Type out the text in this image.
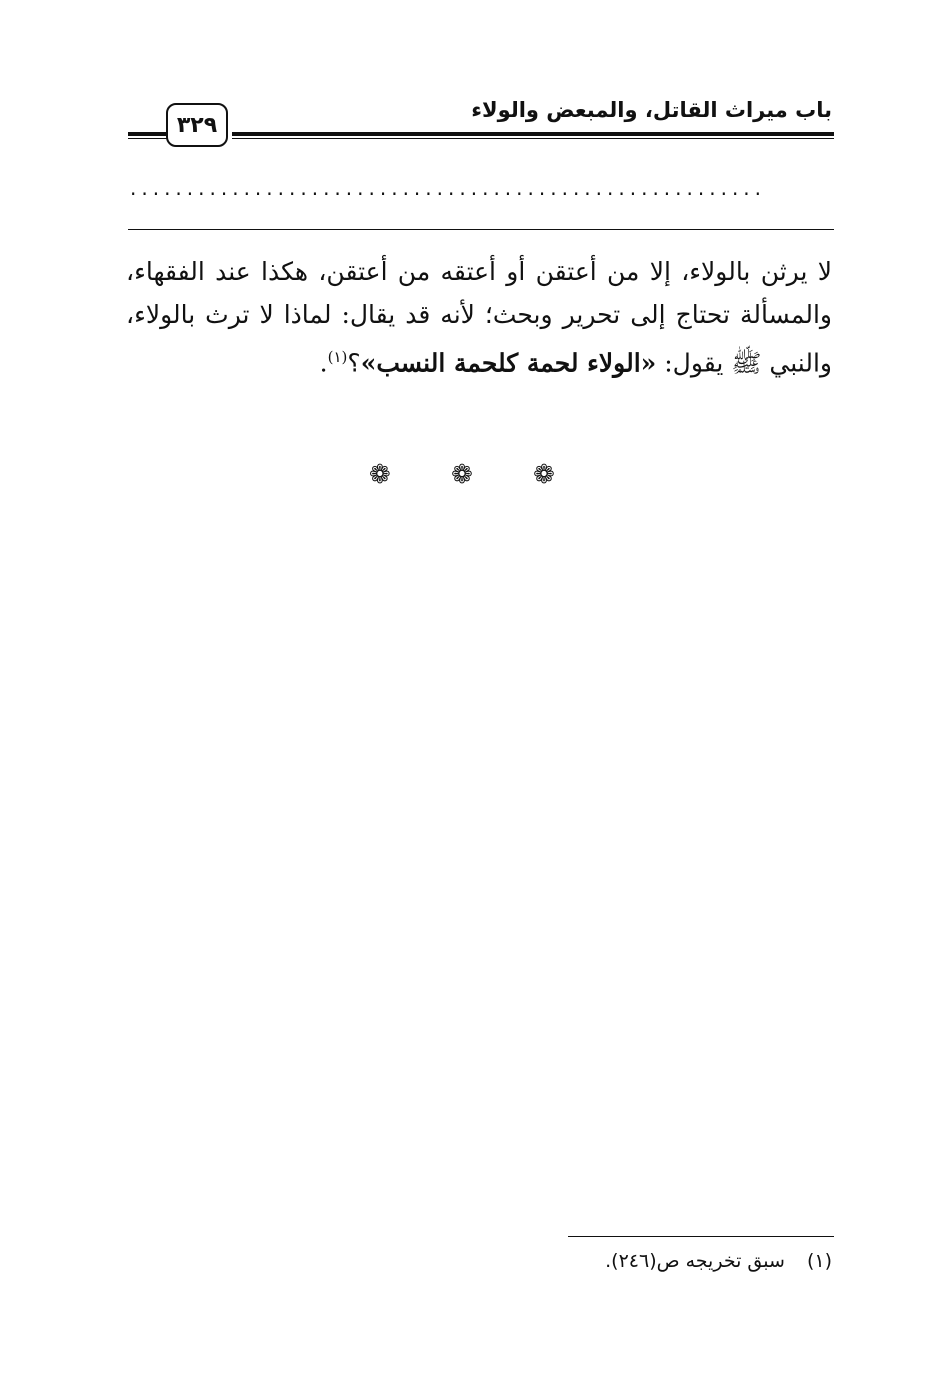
باب ميراث القاتل، والمبعض والولاء
٣٢٩
........................................................
لا يرثن بالولاء، إلا من أعتقن أو أعتقه من أعتقن، هكذا عند الفقهاء، والمسألة تحتاج إلى تحرير وبحث؛ لأنه قد يقال: لماذا لا ترث بالولاء، والنبي ﷺ يقول: «الولاء لحمة كلحمة النسب»؟$^{(١)}$.
❁ ❁ ❁
(١)سبق تخريجه ص(٢٤٦).
